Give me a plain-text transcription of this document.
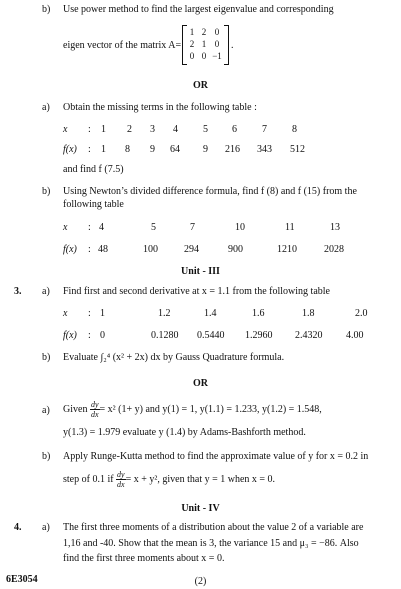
b) Use power method to find the largest eigenvalue and corresponding
eigen vector of the matrix A=
1 2 0
2 1 0
0 0 −1
.
OR
a) Obtain the missing terms in the following table :
x : 1 2 3 4	5 6	7	8
f(x) : 1 8 9 64 9 216 343 512
and find f (7.5)
b) Using Newton’s divided difference formula, find f (8) and f (15) from the following table
x : 4	5	7	10	11	13
f(x) : 48	100	294	900	1210	2028
Unit - III
3. a) Find first and second derivative at x = 1.1 from the following table
x : 1	1.2	1.4	1.6	1.8	2.0
f(x) : 0	0.1280 0.5440 1.2960 2.4320 4.00
b) Evaluate ∫₂⁴ (x² + 2x) dx by Gauss Quadrature formula.
OR
a) Given $\frac{dy}{dx} = x^2$ (1+ y) and y(1) = 1, y(1.1) = 1.233, y(1.2) = 1.548,
y(1.3) = 1.979 evaluate y (1.4) by Adams-Bashforth method.
b) Apply Runge-Kutta method to find the approximate value of y for x = 0.2 in
step of 0.1 if $\frac{dy}{dx} = x + y^2$, given that y = 1 when x = 0.
Unit - IV
4. a) The first three moments of a distribution about the value 2 of a variable are
1,16 and -40. Show that the mean is 3, the variance 15 and μ₃ = −86. Also
find the first three moments about x = 0.
6E3054	(2)
